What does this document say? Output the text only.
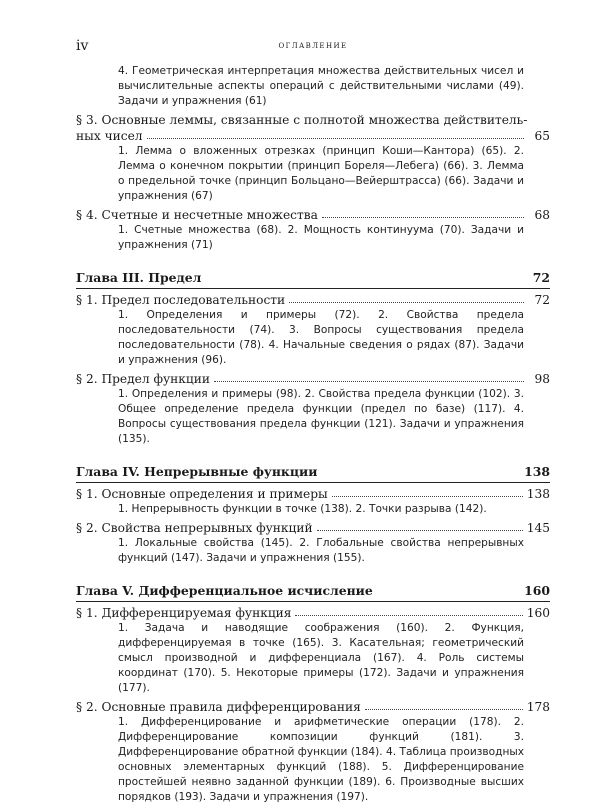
iv	оглавление
4. Геометрическая интерпретация множества действительных чисел и вычислительные аспекты операций с действительными числами (49). Задачи и упражнения (61)
§ 3. Основные леммы, связанные с полнотой множества действитель-
ных чисел	65
1. Лемма о вложенных отрезках (принцип Коши—Кантора) (65). 2. Лемма о конечном покрытии (принцип Бореля—Лебега) (66). 3. Лемма о предельной точке (принцип Больцано—Вейерштрасса) (66). Задачи и упражнения (67)
§ 4. Счетные и несчетные множества	68
1. Счетные множества (68). 2. Мощность континуума (70). Задачи и упражнения (71)
Глава III. Предел	72
§ 1. Предел последовательности	72
1. Определения и примеры (72). 2. Свойства предела последовательности (74). 3. Вопросы существования предела последовательности (78). 4. Начальные сведения о рядах (87). Задачи и упражнения (96).
§ 2. Предел функции	98
1. Определения и примеры (98). 2. Свойства предела функции (102). 3. Общее определение предела функции (предел по базе) (117). 4. Вопросы существования предела функции (121). Задачи и упражнения (135).
Глава IV. Непрерывные функции	138
§ 1. Основные определения и примеры	138
1. Непрерывность функции в точке (138). 2. Точки разрыва (142).
§ 2. Свойства непрерывных функций	145
1. Локальные свойства (145). 2. Глобальные свойства непрерывных функций (147). Задачи и упражнения (155).
Глава V. Дифференциальное исчисление	160
§ 1. Дифференцируемая функция	160
1. Задача и наводящие соображения (160). 2. Функция, дифференцируемая в точке (165). 3. Касательная; геометрический смысл производной и дифференциала (167). 4. Роль системы координат (170). 5. Некоторые примеры (172). Задачи и упражнения (177).
§ 2. Основные правила дифференцирования	178
1. Дифференцирование и арифметические операции (178). 2. Дифференцирование композиции функций (181). 3. Дифференцирование обратной функции (184). 4. Таблица производных основных элементарных функций (188). 5. Дифференцирование простейшей неявно заданной функции (189). 6. Производные высших порядков (193). Задачи и упражнения (197).
